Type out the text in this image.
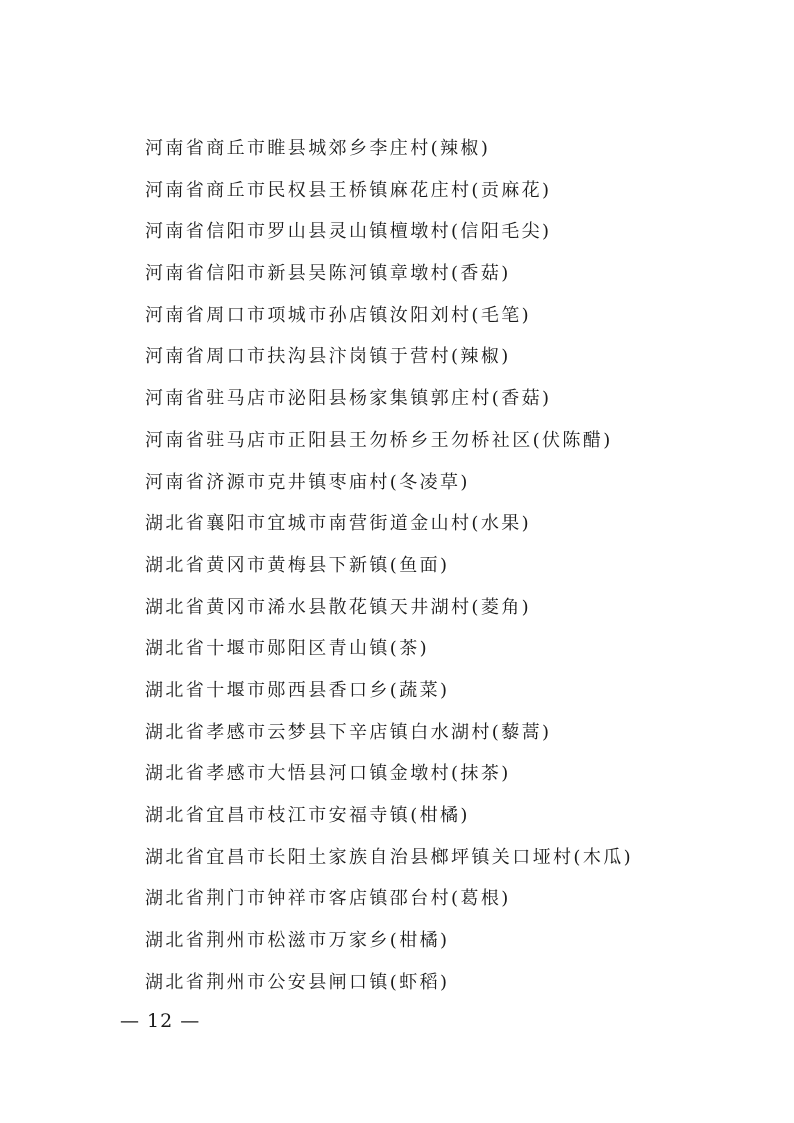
河南省商丘市睢县城郊乡李庄村(辣椒)
河南省商丘市民权县王桥镇麻花庄村(贡麻花)
河南省信阳市罗山县灵山镇檀墩村(信阳毛尖)
河南省信阳市新县吴陈河镇章墩村(香菇)
河南省周口市项城市孙店镇汝阳刘村(毛笔)
河南省周口市扶沟县汴岗镇于营村(辣椒)
河南省驻马店市泌阳县杨家集镇郭庄村(香菇)
河南省驻马店市正阳县王勿桥乡王勿桥社区(伏陈醋)
河南省济源市克井镇枣庙村(冬凌草)
湖北省襄阳市宜城市南营街道金山村(水果)
湖北省黄冈市黄梅县下新镇(鱼面)
湖北省黄冈市浠水县散花镇天井湖村(菱角)
湖北省十堰市郧阳区青山镇(茶)
湖北省十堰市郧西县香口乡(蔬菜)
湖北省孝感市云梦县下辛店镇白水湖村(藜蒿)
湖北省孝感市大悟县河口镇金墩村(抹茶)
湖北省宜昌市枝江市安福寺镇(柑橘)
湖北省宜昌市长阳土家族自治县榔坪镇关口垭村(木瓜)
湖北省荆门市钟祥市客店镇邵台村(葛根)
湖北省荆州市松滋市万家乡(柑橘)
湖北省荆州市公安县闸口镇(虾稻)
— 12 —
